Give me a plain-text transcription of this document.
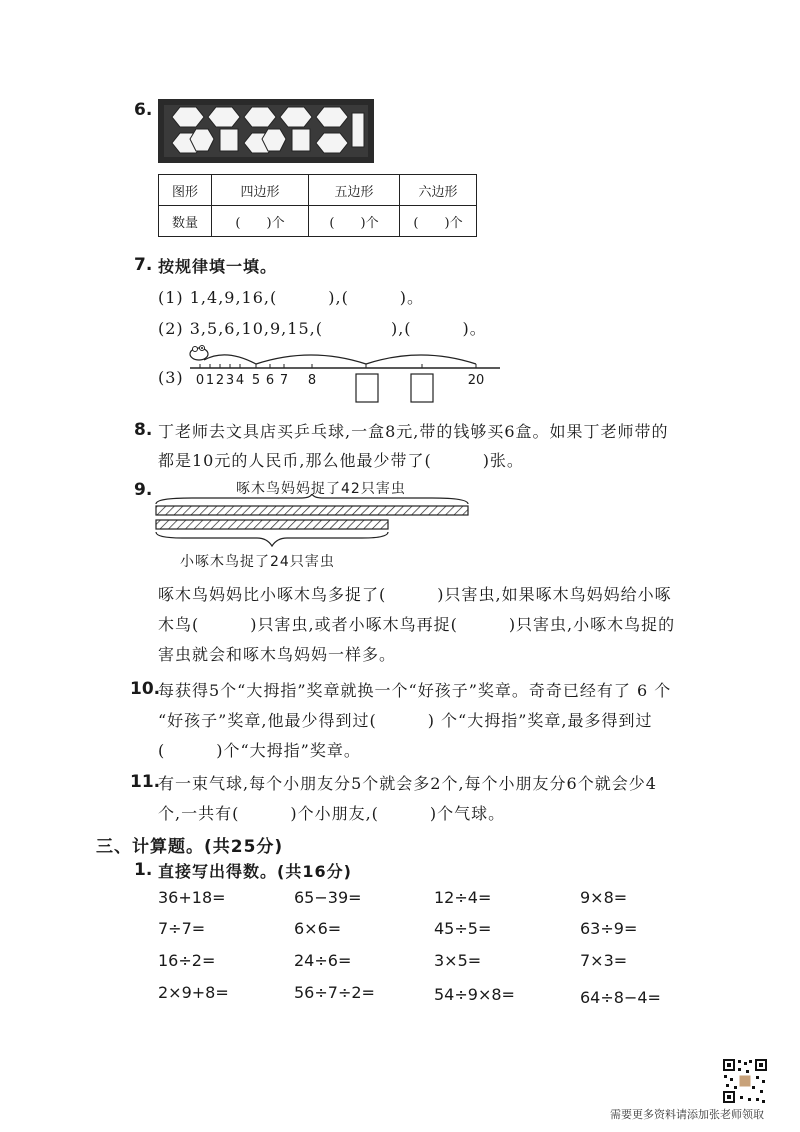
6.
图形	四边形	五边形	六边形
数量	(　　)个	(　　)个	(　　)个
7. 按规律填一填。
(1) 1,4,9,16,(　　　),(　　　)。
(2) 3,5,6,10,9,15,(　　　　),(　　　)。
(3) 0 1 2 3 4 5 6 7 8	20
8. 丁老师去文具店买乒乓球,一盒8元,带的钱够买6盒。如果丁老师带的
都是10元的人民币,那么他最少带了(　　　)张。
9.	啄木鸟妈妈捉了42只害虫
小啄木鸟捉了24只害虫
啄木鸟妈妈比小啄木鸟多捉了(　　　)只害虫,如果啄木鸟妈妈给小啄
木鸟(　　　)只害虫,或者小啄木鸟再捉(　　　)只害虫,小啄木鸟捉的
害虫就会和啄木鸟妈妈一样多。
10.
每获得5个“大拇指”奖章就换一个“好孩子”奖章。奇奇已经有了 6 个
“好孩子”奖章,他最少得到过(　　　) 个“大拇指”奖章,最多得到过
(　　　)个“大拇指”奖章。
11.
有一束气球,每个小朋友分5个就会多2个,每个小朋友分6个就会少4
个,一共有(　　　)个小朋友,(　　　)个气球。
三、计算题。(共25分)
1. 直接写出得数。(共16分)
36+18=	65−39=	12÷4=	9×8=
7÷7=	6×6=	45÷5=	63÷9=
16÷2=	24÷6=	3×5=	7×3=
2×9+8=	56÷7÷2=	54÷9×8=	64÷8−4=
需要更多资料请添加张老师领取
